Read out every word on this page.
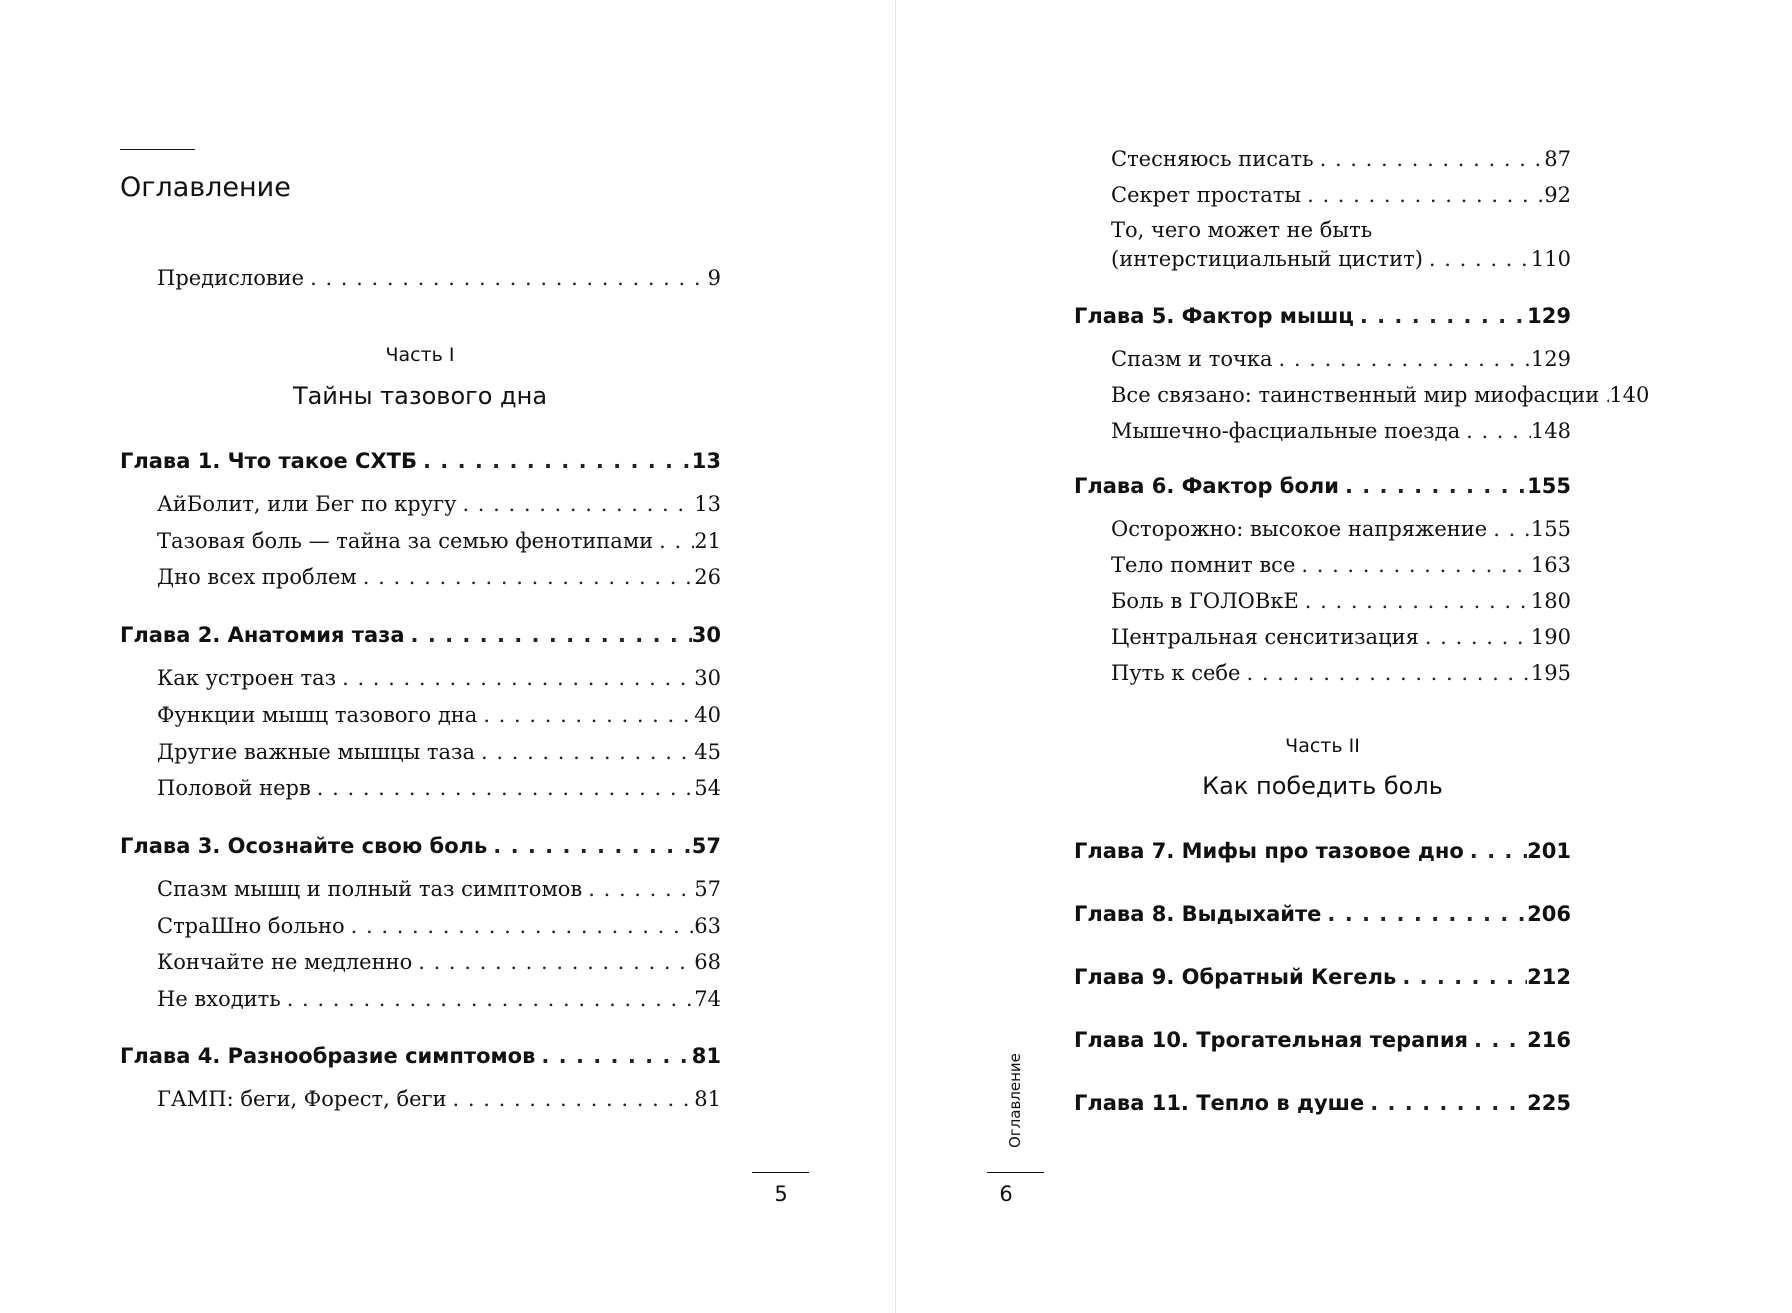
Оглавление
Предисловие . . .	9
Часть I
Тайны тазового дна
Глава 1. Что такое СХТБ . . .	13
АйБолит, или Бег по кругу . . .	13
Тазовая боль — тайна за семью фенотипами . . . 21
Дно всех проблем . . .	26
Глава 2. Анатомия таза . . .	30
Как устроен таз . . .	30
Функции мышц тазового дна . . .	40
Другие важные мышцы таза . . .	45
Половой нерв . . .	54
Глава 3. Осознайте свою боль . . .	57
Спазм мышц и полный таз симптомов . . .	57
СтраШно больно . . .	63
Кончайте не медленно . . .	68
Не входить . . .	74
Глава 4. Разнообразие симптомов . . .	81
ГАМП: беги, Форест, беги . . .	81
5
Стесняюсь писать . . .	87
Секрет простаты . . .	92
То, чего может не быть
(интерстициальный цистит) . . .	110
Глава 5. Фактор мышц . . .	129
Спазм и точка . . .	129
Все связано: таинственный мир миофасции . . . 140
Мышечно-фасциальные поезда . . .	148
Глава 6. Фактор боли . . .	155
Осторожно: высокое напряжение . . . 155
Тело помнит все . . .	163
Боль в ГОЛОВкЕ . . .	180
Центральная сенситизация . . .	190
Путь к себе . . .	195
Часть II
Как победить боль
Глава 7. Мифы про тазовое дно . . .	201
Глава 8. Выдыхайте . . .	206
Глава 9. Обратный Кегель . . .	212
Глава 10. Трогательная терапия . . .	216
Глава 11. Тепло в душе . . .	225
Оглавление
6
